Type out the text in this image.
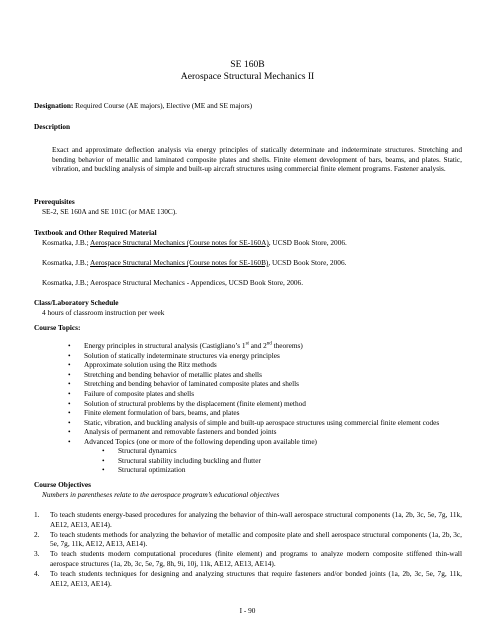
SE 160B
Aerospace Structural Mechanics II
Designation: Required Course (AE majors), Elective (ME and SE majors)
Description
Exact and approximate deflection analysis via energy principles of statically determinate and indeterminate structures. Stretching and bending behavior of metallic and laminated composite plates and shells. Finite element development of bars, beams, and plates. Static, vibration, and buckling analysis of simple and built-up aircraft structures using commercial finite element programs. Fastener analysis.
Prerequisites
SE-2, SE 160A and SE 101C (or MAE 130C).
Textbook and Other Required Material
Kosmatka, J.B.; Aerospace Structural Mechanics (Course notes for SE-160A), UCSD Book Store, 2006.
Kosmatka, J.B.; Aerospace Structural Mechanics (Course notes for SE-160B), UCSD Book Store, 2006.
Kosmatka, J.B.; Aerospace Structural Mechanics - Appendices, UCSD Book Store, 2006.
Class/Laboratory Schedule
4 hours of classroom instruction per week
Course Topics:
• Energy principles in structural analysis (Castigliano’s 1st and 2nd theorems)
• Solution of statically indeterminate structures via energy principles
• Approximate solution using the Ritz methods
• Stretching and bending behavior of metallic plates and shells
• Stretching and bending behavior of laminated composite plates and shells
• Failure of composite plates and shells
• Solution of structural problems by the displacement (finite element) method
• Finite element formulation of bars, beams, and plates
• Static, vibration, and buckling analysis of simple and built-up aerospace structures using commercial finite element codes
• Analysis of permanent and removable fasteners and bonded joints
• Advanced Topics (one or more of the following depending upon available time)
• Structural dynamics
• Structural stability including buckling and flutter
• Structural optimization
Course Objectives
Numbers in parentheses relate to the aerospace program’s educational objectives
1. To teach students energy-based procedures for analyzing the behavior of thin-wall aerospace structural components (1a, 2b, 3c, 5e, 7g, 11k, AE12, AE13, AE14).
2. To teach students methods for analyzing the behavior of metallic and composite plate and shell aerospace structural components (1a, 2b, 3c, 5e, 7g, 11k, AE12, AE13, AE14).
3. To teach students modern computational procedures (finite element) and programs to analyze modern composite stiffened thin-wall aerospace structures (1a, 2b, 3c, 5e, 7g, 8h, 9i, 10j, 11k, AE12, AE13, AE14).
4. To teach students techniques for designing and analyzing structures that require fasteners and/or bonded joints (1a, 2b, 3c, 5e, 7g, 11k, AE12, AE13, AE14).
I - 90
